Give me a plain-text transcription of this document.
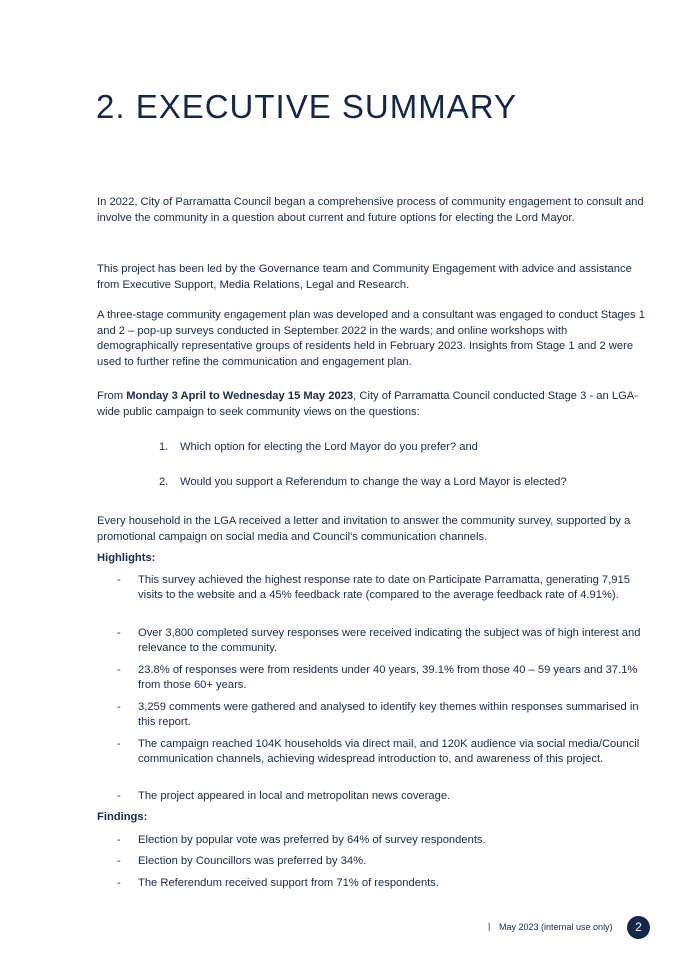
2. EXECUTIVE SUMMARY

In 2022, City of Parramatta Council began a comprehensive process of community engagement to consult and involve the community in a question about current and future options for electing the Lord Mayor.

This project has been led by the Governance team and Community Engagement with advice and assistance from Executive Support, Media Relations, Legal and Research.

A three-stage community engagement plan was developed and a consultant was engaged to conduct Stages 1 and 2 – pop-up surveys conducted in September 2022 in the wards; and online workshops with demographically representative groups of residents held in February 2023. Insights from Stage 1 and 2 were used to further refine the communication and engagement plan.

From Monday 3 April to Wednesday 15 May 2023, City of Parramatta Council conducted Stage 3 - an LGA-wide public campaign to seek community views on the questions:

1. Which option for electing the Lord Mayor do you prefer? and
2. Would you support a Referendum to change the way a Lord Mayor is elected?

Every household in the LGA received a letter and invitation to answer the community survey, supported by a promotional campaign on social media and Council's communication channels.

Highlights:

- This survey achieved the highest response rate to date on Participate Parramatta, generating 7,915 visits to the website and a 45% feedback rate (compared to the average feedback rate of 4.91%).
- Over 3,800 completed survey responses were received indicating the subject was of high interest and relevance to the community.
- 23.8% of responses were from residents under 40 years, 39.1% from those 40 – 59 years and 37.1% from those 60+ years.
- 3,259 comments were gathered and analysed to identify key themes within responses summarised in this report.
- The campaign reached 104K households via direct mail, and 120K audience via social media/Council communication channels, achieving widespread introduction to, and awareness of this project.
- The project appeared in local and metropolitan news coverage.

Findings:

- Election by popular vote was preferred by 64% of survey respondents.
- Election by Councillors was preferred by 34%.
- The Referendum received support from 71% of respondents.
| May 2023 (internal use only)	2
